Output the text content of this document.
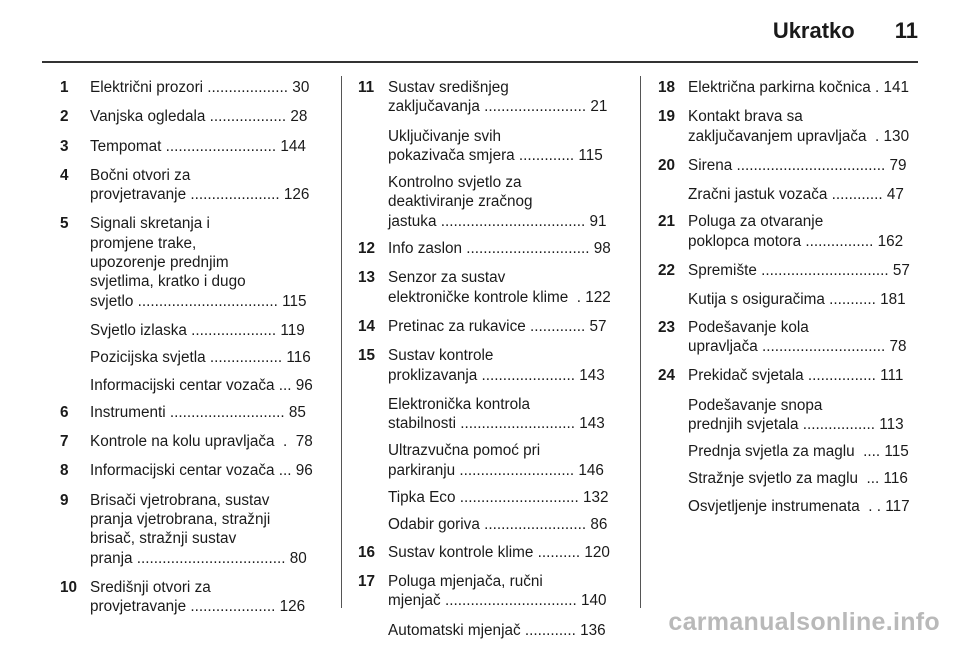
Ukratko 11
1	Električni prozori ................... 30
2	Vanjska ogledala .................. 28
3	Tempomat .......................... 144
4	Bočni otvori za
provjetravanje ..................... 126
5	Signali skretanja i
promjene trake,
upozorenje prednjim
svjetlima, kratko i dugo
svjetlo ................................. 115
Svjetlo izlaska .................... 119
Pozicijska svjetla ................. 116
Informacijski centar vozača ... 96
6	Instrumenti ........................... 85
7	Kontrole na kolu upravljača  .  78
8	Informacijski centar vozača ... 96
9	Brisači vjetrobrana, sustav
pranja vjetrobrana, stražnji
brisač, stražnji sustav
pranja ................................... 80
10 Središnji otvori za
provjetravanje .................... 126
11 Sustav središnjeg
zaključavanja ........................ 21
Uključivanje svih
pokazivača smjera ............. 115
Kontrolno svjetlo za
deaktiviranje zračnog
jastuka .................................. 91
12 Info zaslon ............................. 98
13 Senzor za sustav
elektroničke kontrole klime  . 122
14 Pretinac za rukavice ............. 57
15 Sustav kontrole
proklizavanja ...................... 143
Elektronička kontrola
stabilnosti ........................... 143
Ultrazvučna pomoć pri
parkiranju ........................... 146
Tipka Eco ............................ 132
Odabir goriva ........................ 86
16 Sustav kontrole klime .......... 120
17 Poluga mjenjača, ručni
mjenjač ............................... 140
Automatski mjenjač ............ 136
18 Električna parkirna kočnica . 141
19 Kontakt brava sa
zaključavanjem upravljača  . 130
20 Sirena ................................... 79
Zračni jastuk vozača ............ 47
21 Poluga za otvaranje
poklopca motora ................ 162
22 Spremište .............................. 57
Kutija s osiguračima ........... 181
23 Podešavanje kola
upravljača ............................. 78
24 Prekidač svjetala ................ 111
Podešavanje snopa
prednjih svjetala ................. 113
Prednja svjetla za maglu  .... 115
Stražnje svjetlo za maglu  ... 116
Osvjetljenje instrumenata  . . 117
carmanualsonline.info
